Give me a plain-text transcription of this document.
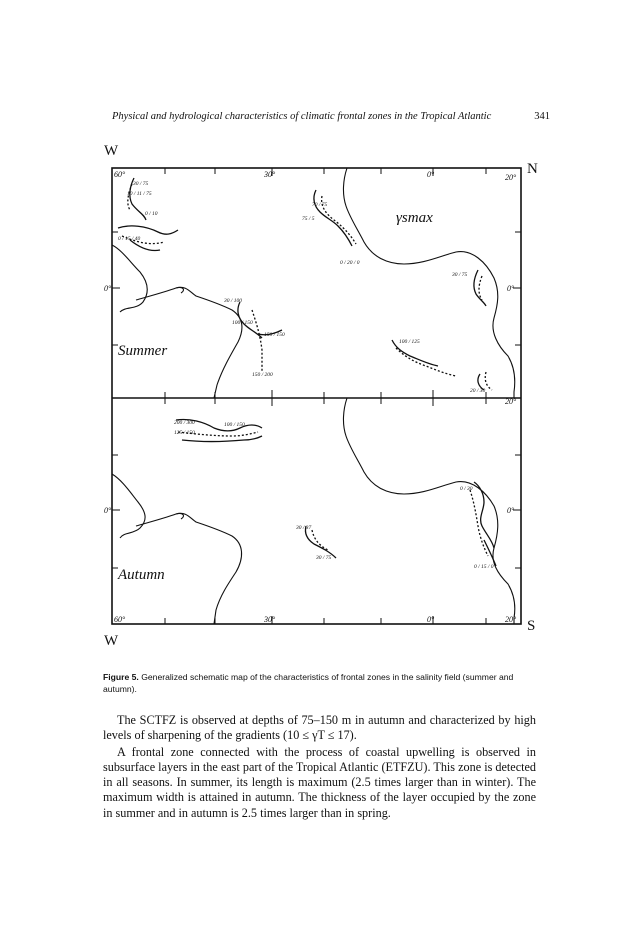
Physical and hydrological characteristics of climatic frontal zones in the Tropical Atlantic	341
W
N
S
W
30 / 75
10 / 11 / 75
0 / 10
0 / 15 / 40
70 / 75
75 / 5
0 / 20 / 0
30 / 100
100 / 150
150 / 150
150 / 200
100 / 125
30 / 75
20 / 30
200 / 300
125 / 150
100 / 150
30 / 37
30 / 75
0 / 30
0 / 15 / 0
60°	30°	0°
60°	30°	0°
20°
0°
20°
0°
20°
0°
0°
Summer
Autumn
γsmax
Figure 5. Generalized schematic map of the characteristics of frontal zones in the salinity field (summer and autumn).

The SCTFZ is observed at depths of 75–150 m in autumn and characterized by high levels of sharpening of the gradients (10 ≤ γT ≤ 17).

A frontal zone connected with the process of coastal upwelling is observed in subsurface layers in the east part of the Tropical Atlantic (ETFZU). This zone is detected in all seasons. In summer, its length is maximum (2.5 times larger than in winter). The maximum width is attained in autumn. The thickness of the layer occupied by the zone in summer and in autumn is 2.5 times larger than in spring.
